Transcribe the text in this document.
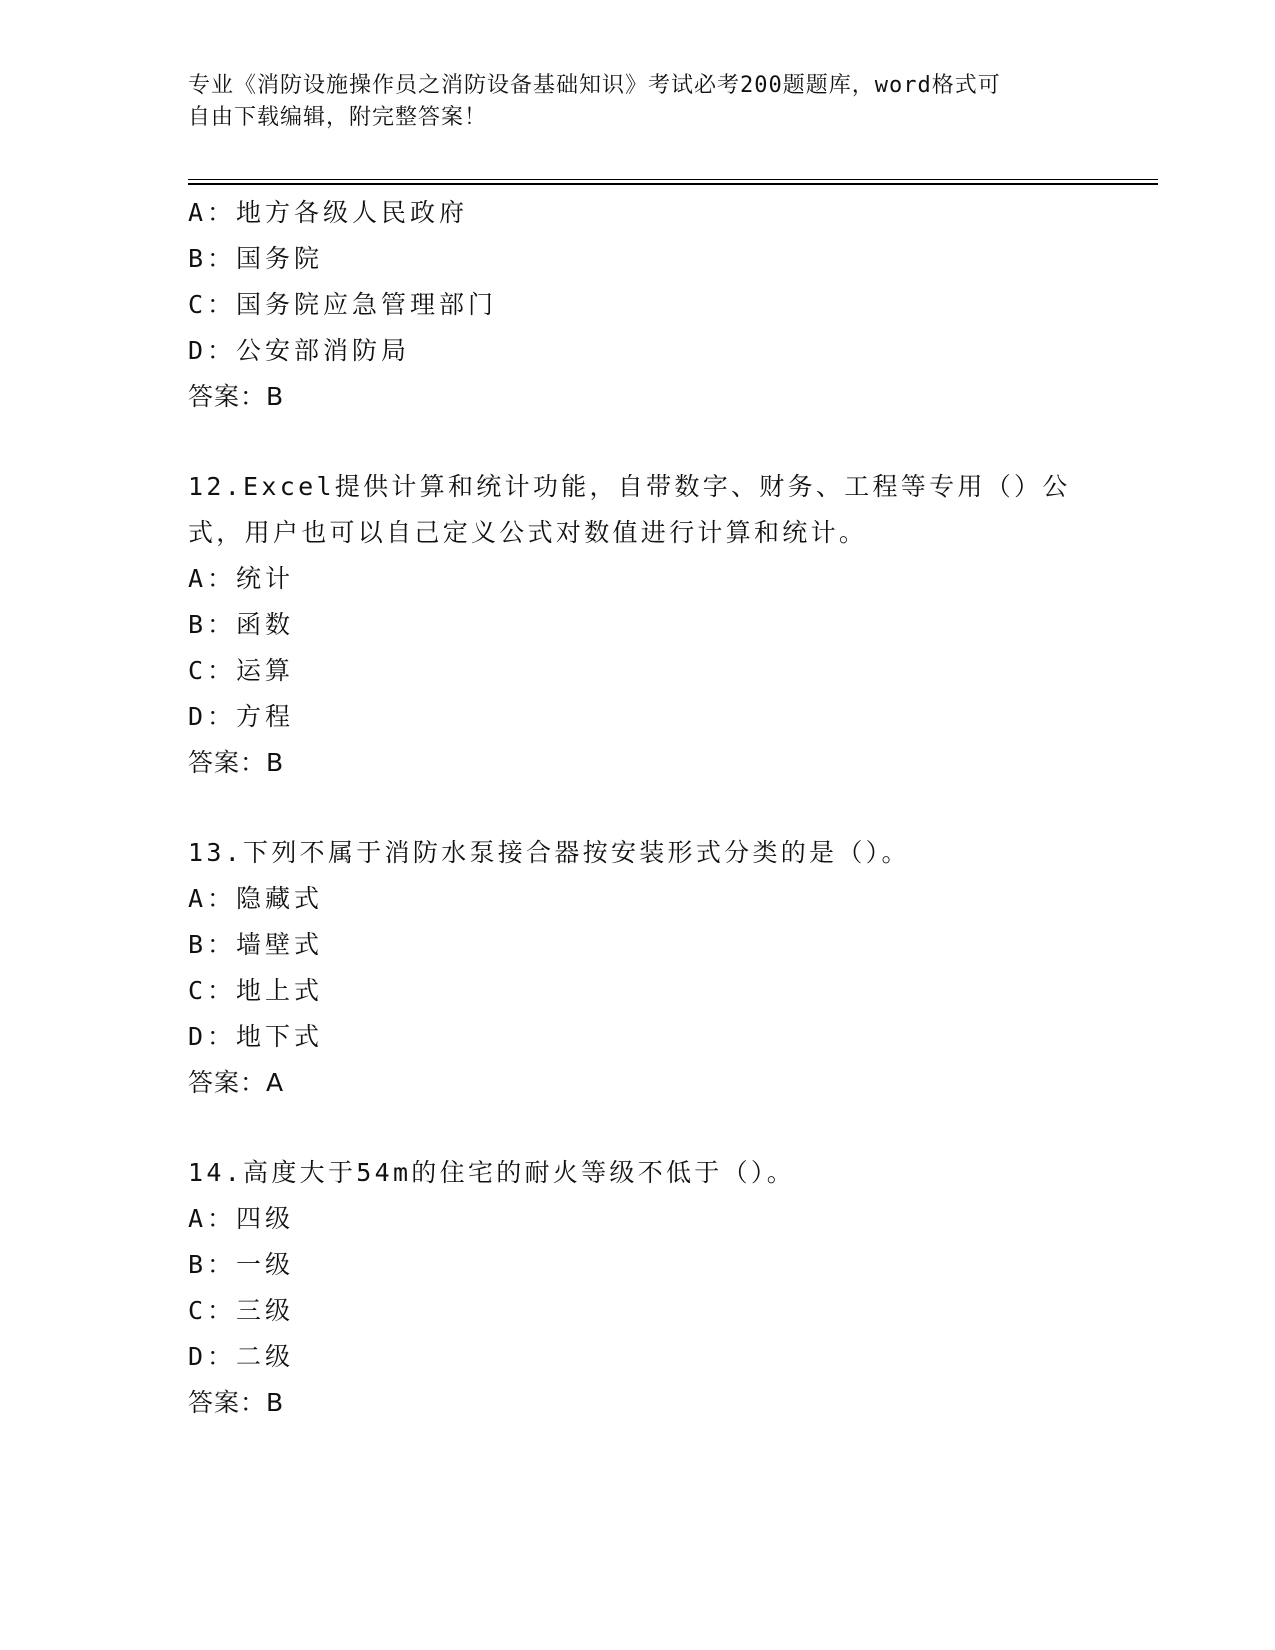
专业《消防设施操作员之消防设备基础知识》考试必考200题题库，word格式可
自由下载编辑，附完整答案！
A：地方各级人民政府
B：国务院
C：国务院应急管理部门
D：公安部消防局
答案：B
12.Excel提供计算和统计功能，自带数字、财务、工程等专用（）公式，用户也可以自己定义公式对数值进行计算和统计。
A：统计
B：函数
C：运算
D：方程
答案：B
13.下列不属于消防水泵接合器按安装形式分类的是（）。
A：隐藏式
B：墙壁式
C：地上式
D：地下式
答案：A
14.高度大于54m的住宅的耐火等级不低于（）。
A：四级
B：一级
C：三级
D：二级
答案：B
